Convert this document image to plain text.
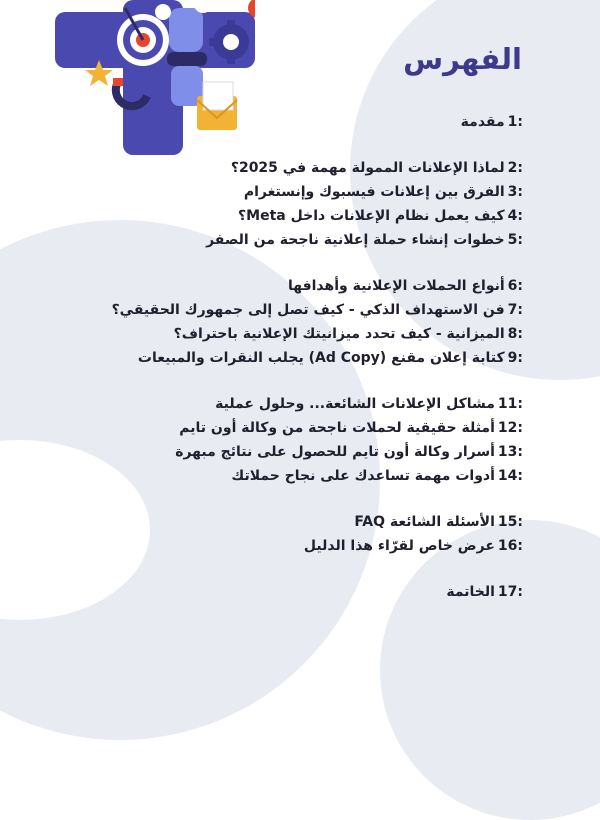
الفهرس
1:
مقدمة
2:
لماذا الإعلانات الممولة مهمة في 2025؟
3:
الفرق بين إعلانات فيسبوك وإنستغرام
4:
كيف يعمل نظام الإعلانات داخل Meta؟
5:
خطوات إنشاء حملة إعلانية ناجحة من الصفر
6:
أنواع الحملات الإعلانية وأهدافها
7:
فن الاستهداف الذكي - كيف تصل إلى جمهورك الحقيقي؟
8:
الميزانية - كيف تحدد ميزانيتك الإعلانية باحتراف؟
9:
كتابة إعلان مقنع (Ad Copy) يجلب النقرات والمبيعات
11:
مشاكل الإعلانات الشائعة... وحلول عملية
12:
أمثلة حقيقية لحملات ناجحة من وكالة أون تايم
13:
أسرار وكالة أون تايم للحصول على نتائج مبهرة
14:
أدوات مهمة تساعدك على نجاح حملاتك
15:
الأسئلة الشائعة FAQ
16:
عرض خاص لقرّاء هذا الدليل
17:
الخاتمة
